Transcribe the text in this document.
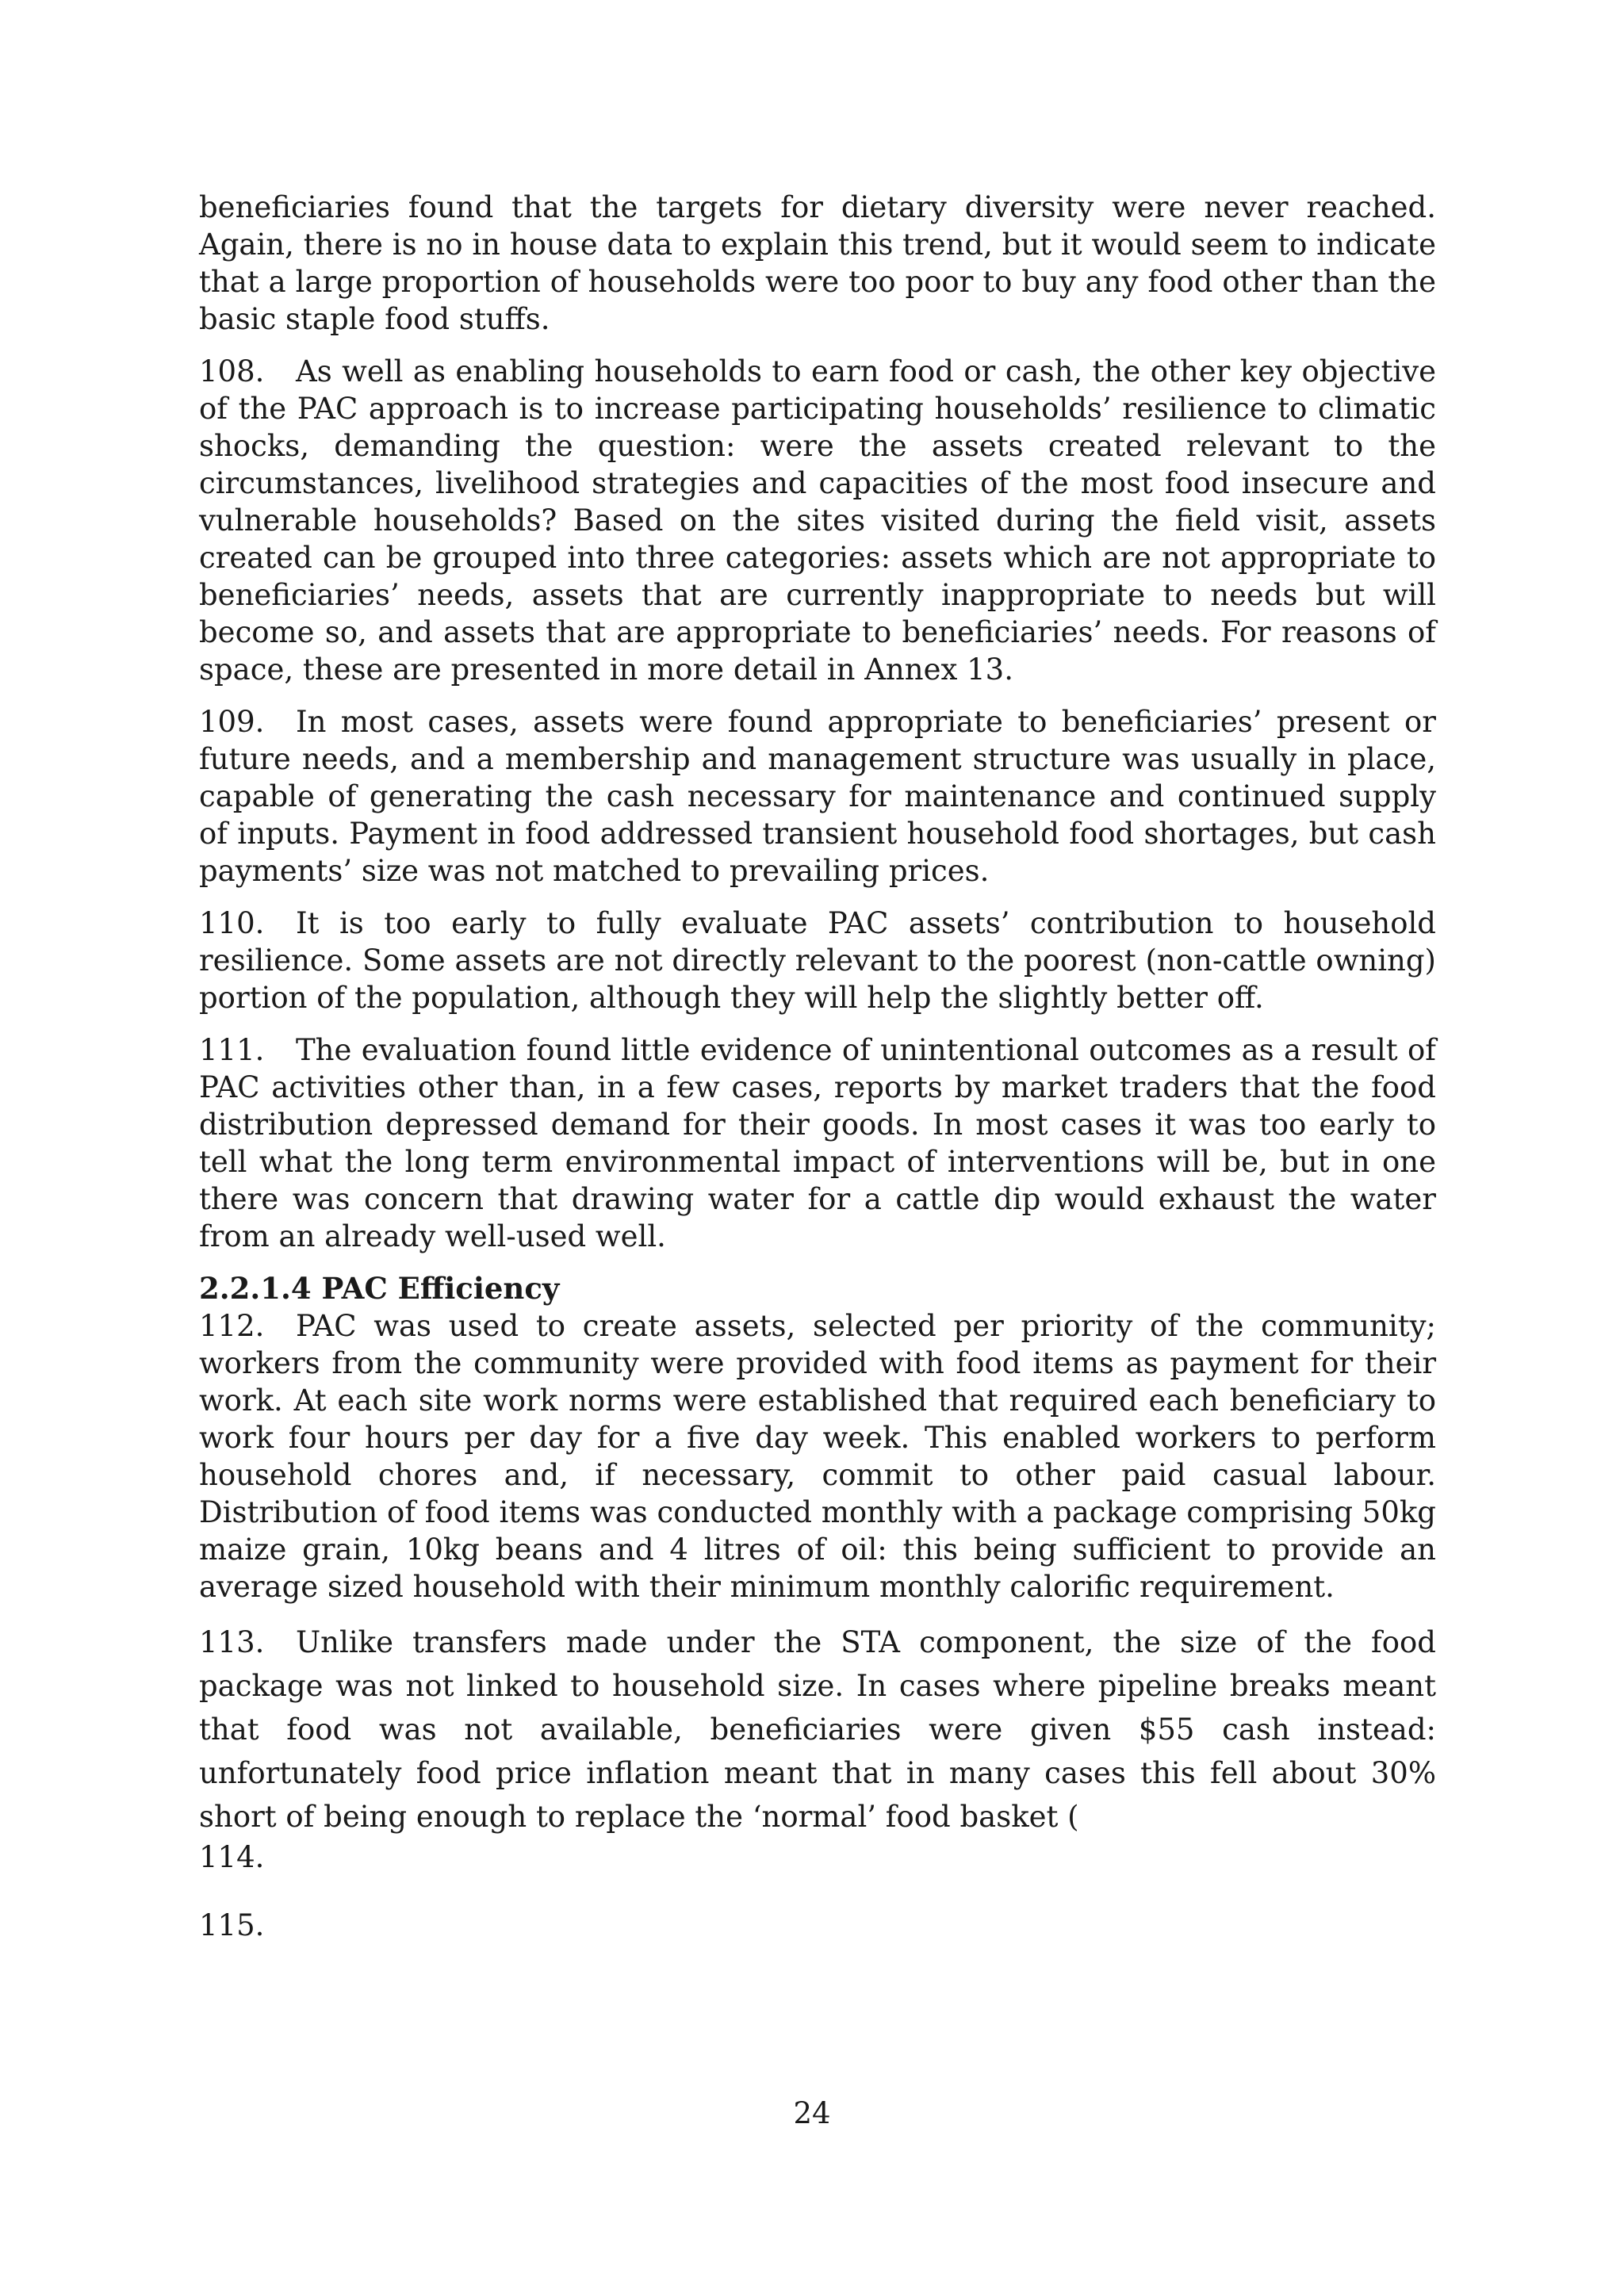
beneficiaries found that the targets for dietary diversity were never reached. Again, there is no in house data to explain this trend, but it would seem to indicate that a large proportion of households were too poor to buy any food other than the basic staple food stuffs.

108. As well as enabling households to earn food or cash, the other key objective of the PAC approach is to increase participating households’ resilience to climatic shocks, demanding the question: were the assets created relevant to the circumstances, livelihood strategies and capacities of the most food insecure and vulnerable households? Based on the sites visited during the field visit, assets created can be grouped into three categories: assets which are not appropriate to beneficiaries’ needs, assets that are currently inappropriate to needs but will become so, and assets that are appropriate to beneficiaries’ needs. For reasons of space, these are presented in more detail in Annex 13.

109. In most cases, assets were found appropriate to beneficiaries’ present or future needs, and a membership and management structure was usually in place, capable of generating the cash necessary for maintenance and continued supply of inputs. Payment in food addressed transient household food shortages, but cash payments’ size was not matched to prevailing prices.

110. It is too early to fully evaluate PAC assets’ contribution to household resilience. Some assets are not directly relevant to the poorest (non-cattle owning) portion of the population, although they will help the slightly better off.

111. The evaluation found little evidence of unintentional outcomes as a result of PAC activities other than, in a few cases, reports by market traders that the food distribution depressed demand for their goods. In most cases it was too early to tell what the long term environmental impact of interventions will be, but in one there was concern that drawing water for a cattle dip would exhaust the water from an already well-used well.

2.2.1.4 PAC Efficiency

112. PAC was used to create assets, selected per priority of the community; workers from the community were provided with food items as payment for their work. At each site work norms were established that required each beneficiary to work four hours per day for a five day week. This enabled workers to perform household chores and, if necessary, commit to other paid casual labour. Distribution of food items was conducted monthly with a package comprising 50kg maize grain, 10kg beans and 4 litres of oil: this being sufficient to provide an average sized household with their minimum monthly calorific requirement.

113. Unlike transfers made under the STA component, the size of the food package was not linked to household size. In cases where pipeline breaks meant that food was not available, beneficiaries were given $55 cash instead: unfortunately food price inflation meant that in many cases this fell about 30% short of being enough to replace the ‘normal’ food basket (

114.

115.

24
